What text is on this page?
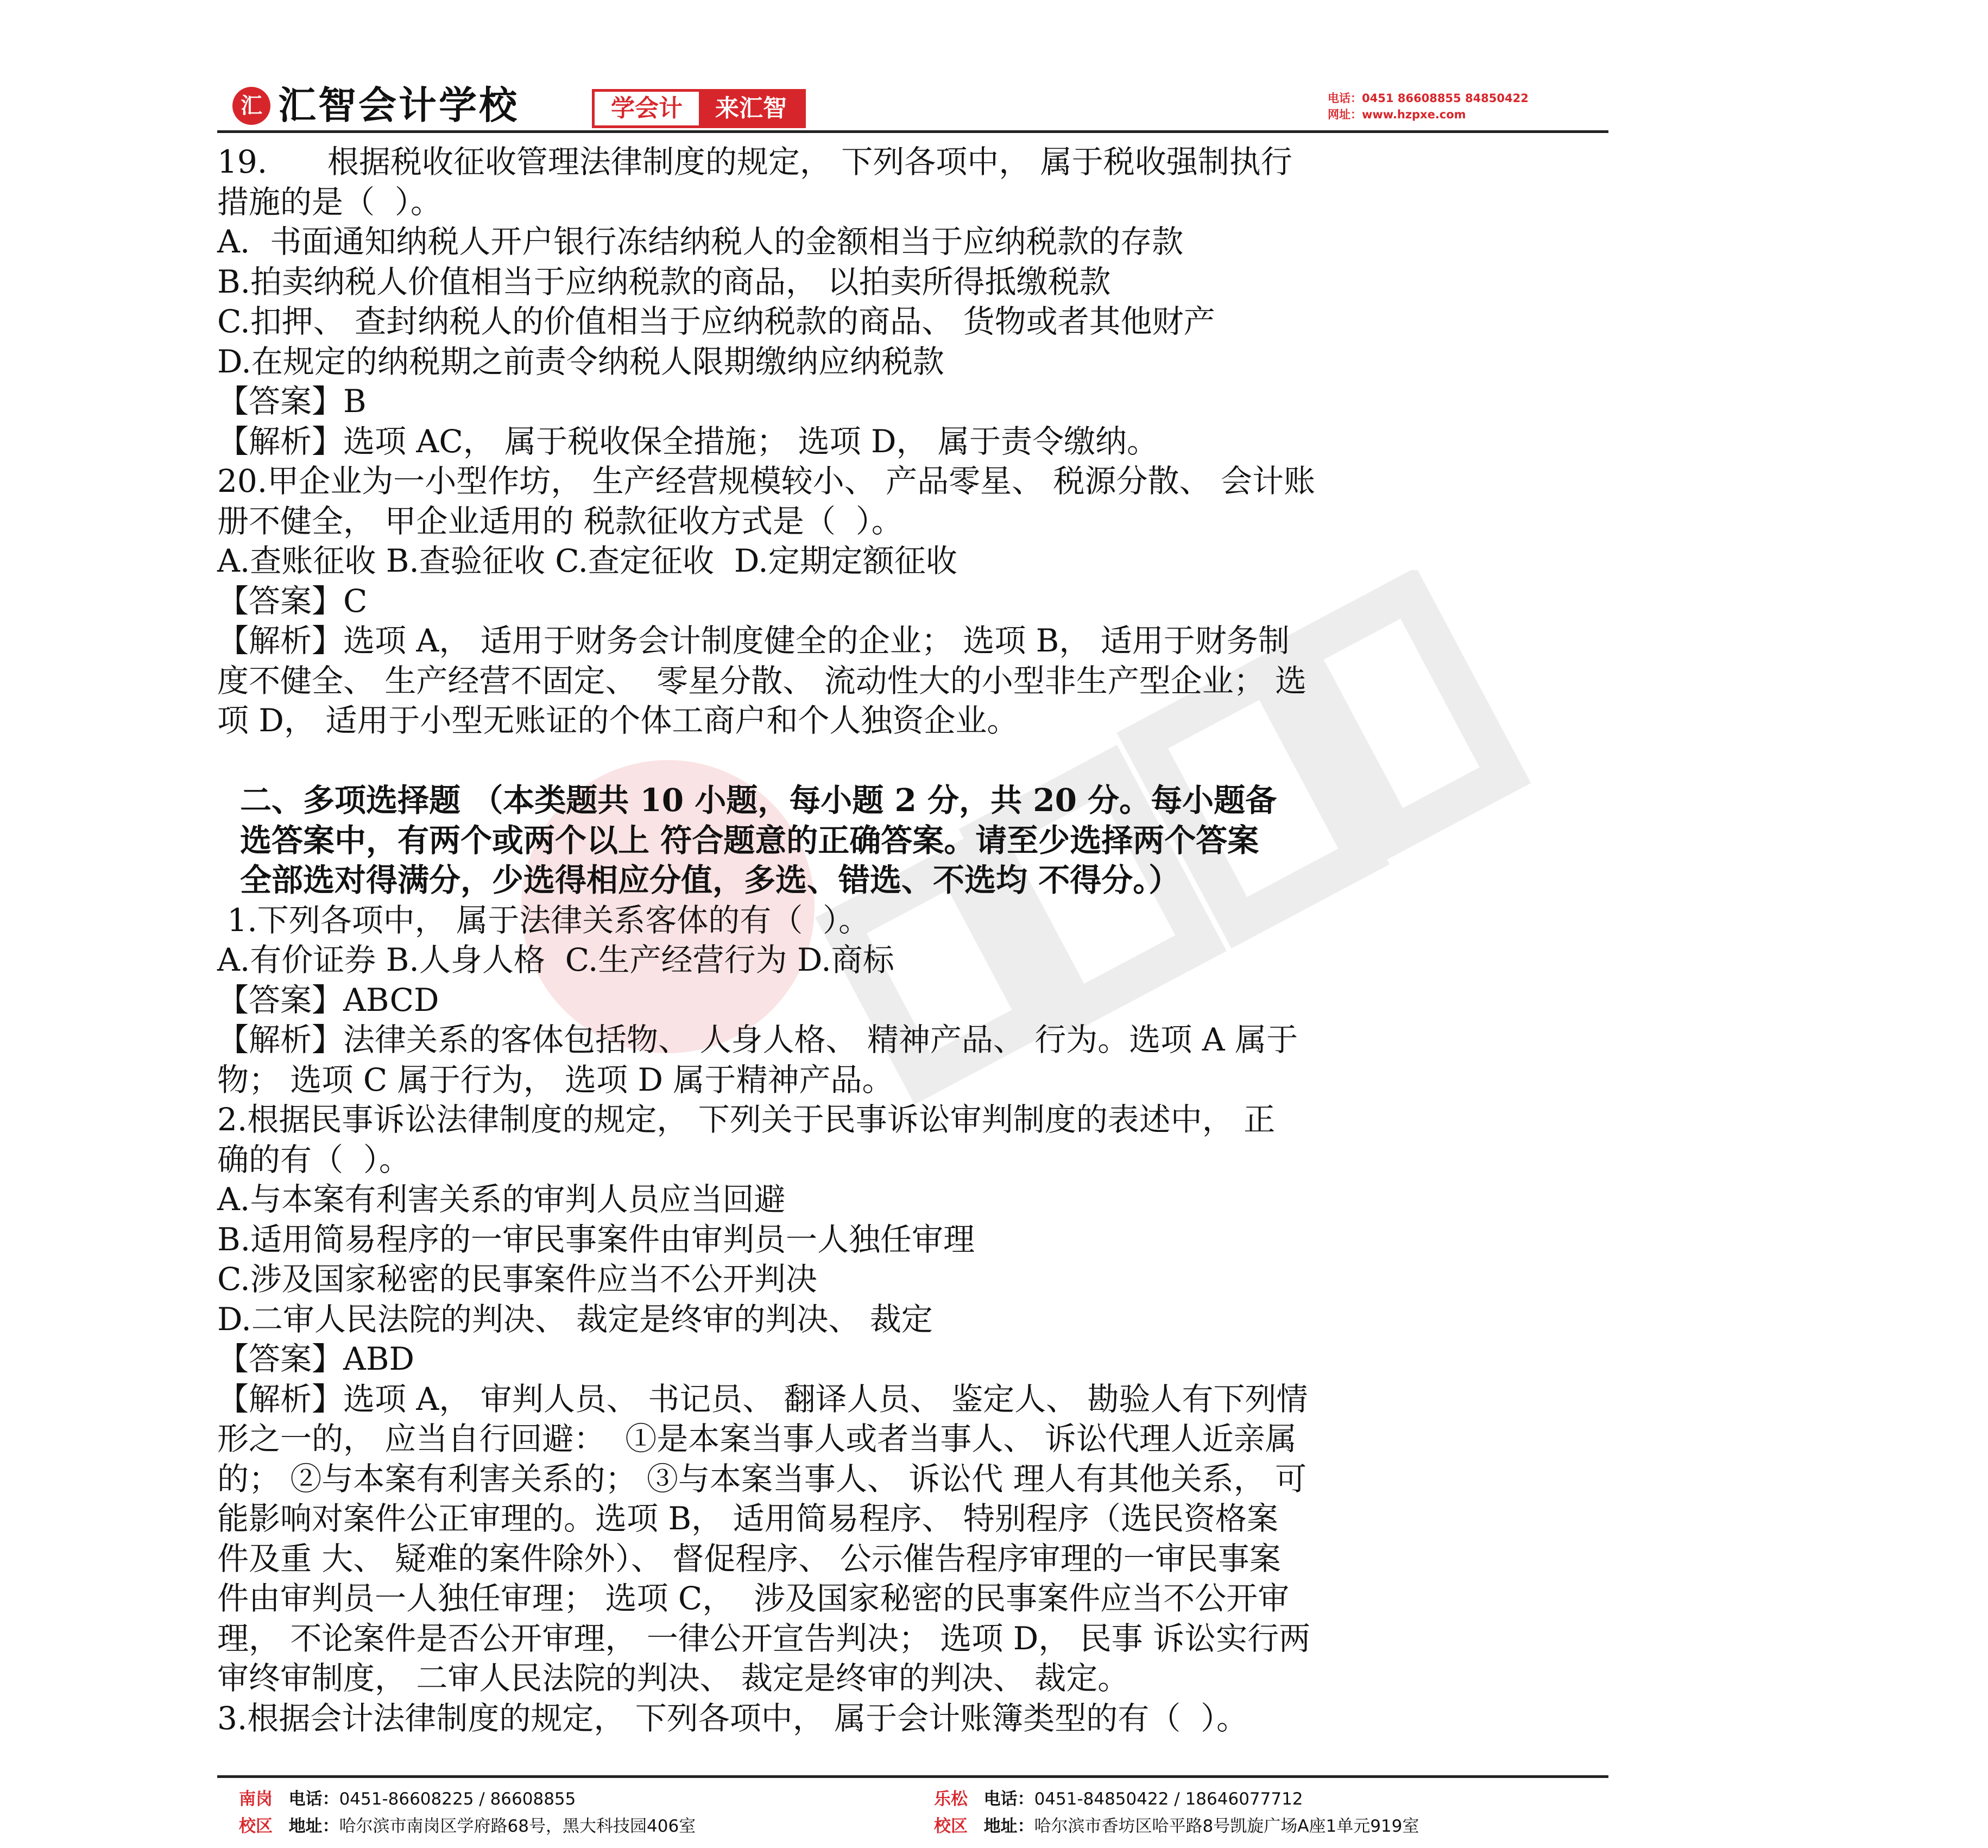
汇 汇智会计学校	学会计	来汇智	电话：0451 86608855 84850422
网址：www.hzpxe.com
19.      根据税收征收管理法律制度的规定， 下列各项中， 属于税收强制执行
措施的是（  ）。
A.  书面通知纳税人开户银行冻结纳税人的金额相当于应纳税款的存款
B.拍卖纳税人价值相当于应纳税款的商品， 以拍卖所得抵缴税款
C.扣押、 查封纳税人的价值相当于应纳税款的商品、 货物或者其他财产
D.在规定的纳税期之前责令纳税人限期缴纳应纳税款
【答案】B
【解析】选项 AC， 属于税收保全措施； 选项 D， 属于责令缴纳。
20.甲企业为一小型作坊， 生产经营规模较小、 产品零星、 税源分散、 会计账
册不健全， 甲企业适用的 税款征收方式是（  ）。
A.查账征收 B.查验征收 C.查定征收  D.定期定额征收
【答案】C
【解析】选项 A， 适用于财务会计制度健全的企业； 选项 B， 适用于财务制
度不健全、 生产经营不固定、  零星分散、 流动性大的小型非生产型企业； 选
项 D， 适用于小型无账证的个体工商户和个人独资企业。
二、多项选择题 （本类题共 10 小题，每小题 2 分，共 20 分。每小题备
选答案中，有两个或两个以上 符合题意的正确答案。请至少选择两个答案
全部选对得满分，少选得相应分值，多选、错选、不选均 不得分。）
1.下列各项中， 属于法律关系客体的有（  ）。
A.有价证券 B.人身人格  C.生产经营行为 D.商标
【答案】ABCD
【解析】法律关系的客体包括物、 人身人格、 精神产品、 行为。选项 A 属于
物； 选项 C 属于行为， 选项 D 属于精神产品。
2.根据民事诉讼法律制度的规定， 下列关于民事诉讼审判制度的表述中， 正
确的有（  ）。
A.与本案有利害关系的审判人员应当回避
B.适用简易程序的一审民事案件由审判员一人独任审理
C.涉及国家秘密的民事案件应当不公开判决
D.二审人民法院的判决、 裁定是终审的判决、 裁定
【答案】ABD
【解析】选项 A， 审判人员、 书记员、 翻译人员、 鉴定人、 勘验人有下列情
形之一的， 应当自行回避：  ①是本案当事人或者当事人、 诉讼代理人近亲属
的； ②与本案有利害关系的； ③与本案当事人、 诉讼代 理人有其他关系， 可
能影响对案件公正审理的。选项 B， 适用简易程序、 特别程序（选民资格案
件及重 大、 疑难的案件除外）、 督促程序、 公示催告程序审理的一审民事案
件由审判员一人独任审理； 选项 C，  涉及国家秘密的民事案件应当不公开审
理， 不论案件是否公开审理， 一律公开宣告判决； 选项 D， 民事 诉讼实行两
审终审制度， 二审人民法院的判决、 裁定是终审的判决、 裁定。
3.根据会计法律制度的规定， 下列各项中， 属于会计账簿类型的有（  ）。
南岗 电话：0451-86608225 / 86608855
校区 地址：哈尔滨市南岗区学府路68号，黑大科技园406室
乐松 电话：0451-84850422 / 18646077712
校区 地址：哈尔滨市香坊区哈平路8号凯旋广场A座1单元919室
